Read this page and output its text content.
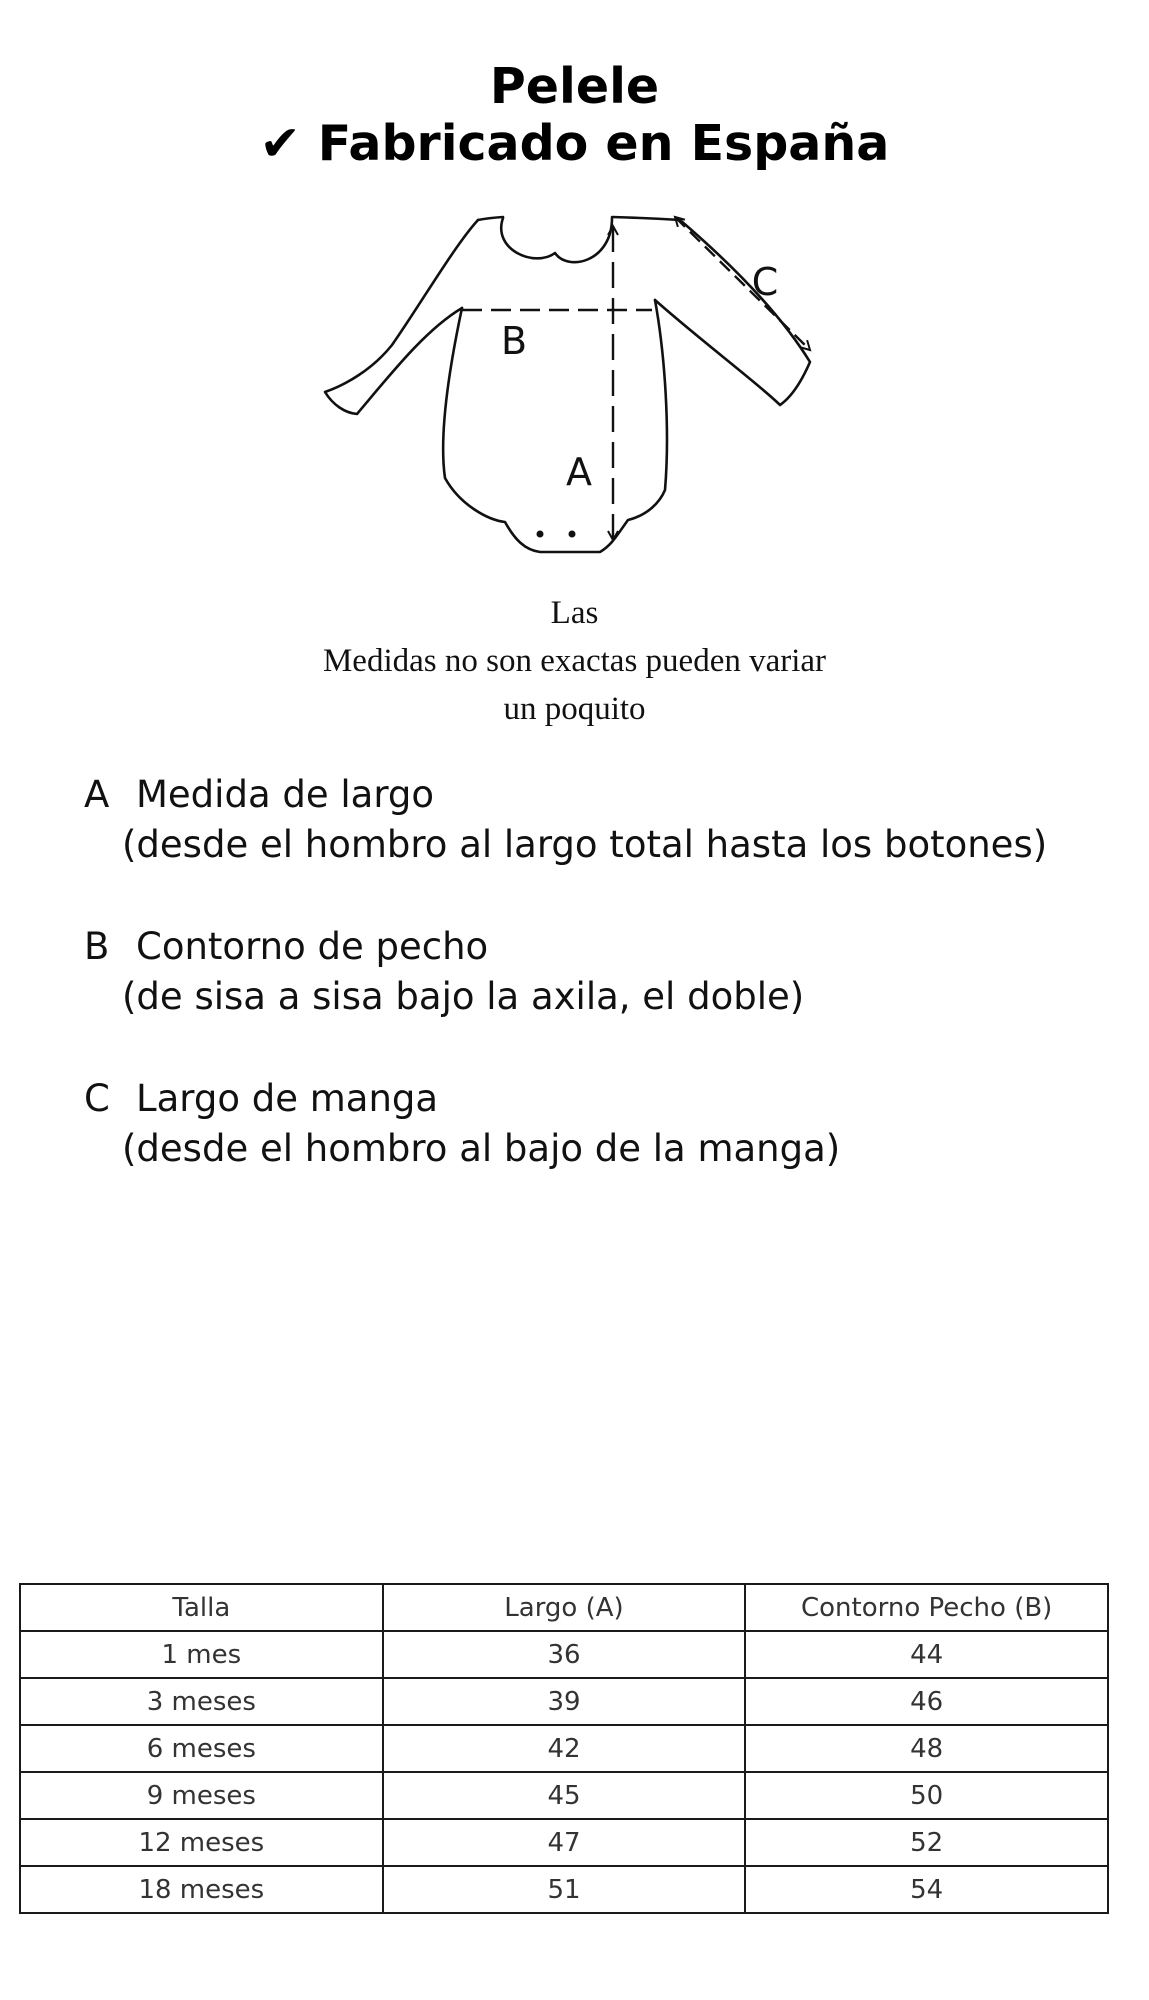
Pelele
✔ Fabricado en España
B
A
C
Las
Medidas no son exactas pueden variar
un poquito
A Medida de largo
(desde el hombro al largo total hasta los botones)
B Contorno de pecho
(de sisa a sisa bajo la axila, el doble)
C Largo de manga
(desde el hombro al bajo de la manga)
Talla	Largo (A)	Contorno Pecho (B)
1 mes	36	44
3 meses	39	46
6 meses	42	48
9 meses	45	50
12 meses	47	52
18 meses	51	54
